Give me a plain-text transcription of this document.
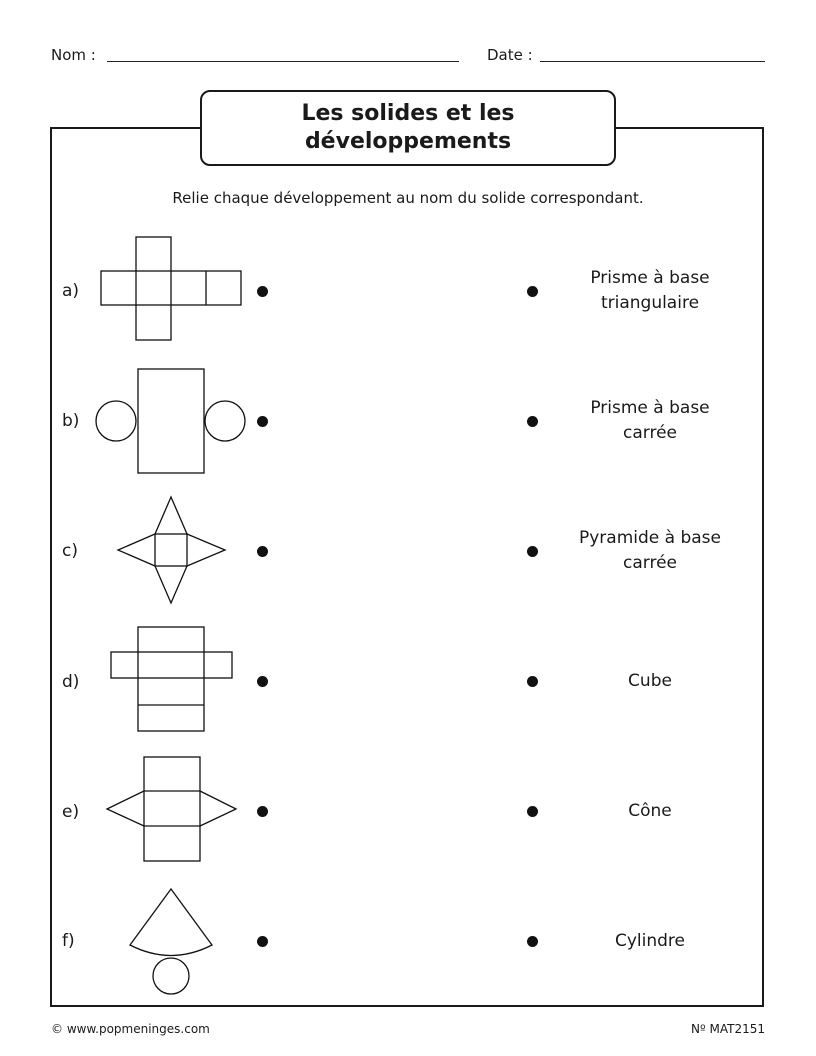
Nom :	Date :
Les solides et les
développements
Relie chaque développement au nom du solide correspondant.
a)
Prisme à base
triangulaire
b)
Prisme à base
carrée
c)
Pyramide à base
carrée
d)	Cube
e)	Cône
f)	Cylindre
© www.popmeninges.com	Nº MAT2151
